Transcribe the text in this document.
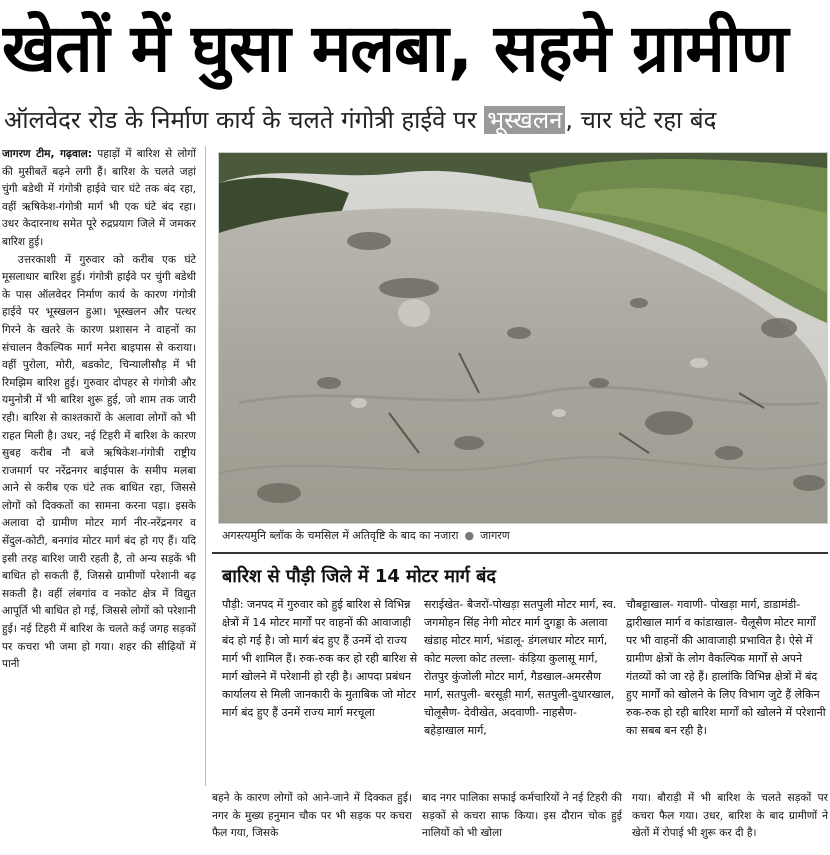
खेतों में घुसा मलबा, सहमे ग्रामीण
ऑलवेदर रोड के निर्माण कार्य के चलते गंगोत्री हाईवे पर भूस्खलन , चार घंटे रहा बंद

जागरण टीम, गढ़वाल: पहाड़ों में बारिश से लोगों की मुसीबतें बढ़ने लगी हैं। बारिश के चलते जहां चुंगी बडेथी में गंगोत्री हाईवे चार घंटे तक बंद रहा, वहीं ऋषिकेश-गंगोत्री मार्ग भी एक घंटे बंद रहा। उधर केदारनाथ समेत पूरे रुद्रप्रयाग जिले में जमकर बारिश हुई।

उत्तरकाशी में गुरुवार को करीब एक घंटे मूसलाधार बारिश हुई। गंगोत्री हाईवे पर चुंगी बडेथी के पास ऑलवेदर निर्माण कार्य के कारण गंगोत्री हाईवे पर भूस्खलन हुआ। भूस्खलन और पत्थर गिरने के खतरे के कारण प्रशासन ने वाहनों का संचालन वैकल्पिक मार्ग मनेरा बाइपास से कराया। वहीं पुरोला, मोरी, बडकोट, चिन्यालीसौड़ में भी रिमझिम बारिश हुई। गुरुवार दोपहर से गंगोत्री और यमुनोत्री में भी बारिश शुरू हुई, जो शाम तक जारी रही। बारिश से काश्तकारों के अलावा लोगों को भी राहत मिली है। उधर, नई टिहरी में बारिश के कारण सुबह करीब नौ बजे ऋषिकेश-गंगोत्री राष्ट्रीय राजमार्ग पर नरेंद्रनगर बाईपास के समीप मलबा आने से करीब एक घंटे तक बाधित रहा, जिससे लोगों को दिक्कतों का सामना करना पड़ा। इसके अलावा दो ग्रामीण मोटर मार्ग नीर-नरेंद्रनगर व सेंदुल-कोटी, बनगांव मोटर मार्ग बंद हो गए हैं। यदि इसी तरह बारिश जारी रहती है, तो अन्य सड़कें भी बाधित हो सकती हैं, जिससे ग्रामीणों परेशानी बढ़ सकती है। वहीं लंबगांव व नकोट क्षेत्र में विद्युत आपूर्ति भी बाधित हो गई, जिससे लोगों को परेशानी हुई। नई टिहरी में बारिश के चलते कई जगह सड़कों पर कचरा भी जमा हो गया। शहर की सीढ़ियों में पानी

अगस्त्यमुनि ब्लॉक के चमसिल में अतिवृष्टि के बाद का नजारा ● जागरण
बारिश से पौड़ी जिले में 14 मोटर मार्ग बंद
पौड़ी: जनपद में गुरुवार को हुई बारिश से विभिन्न क्षेत्रों में 14 मोटर मार्गों पर वाहनों की आवाजाही बंद हो गई है। जो मार्ग बंद हुए हैं उनमें दो राज्य मार्ग भी शामिल हैं। रुक-रुक कर हो रही बारिश से मार्ग खोलने में परेशानी हो रही है। आपदा प्रबंधन कार्यालय से मिली जानकारी के मुताबिक जो मोटर मार्ग बंद हुए हैं उनमें राज्य मार्ग मरचूला
सराईखेत- बैजरों-पोखड़ा सतपुली मोटर मार्ग, स्व. जगमोहन सिंह नेगी मोटर मार्ग दुगड्डा के अलावा खंडाह मोटर मार्ग, भंडालू- डंगलधार मोटर मार्ग, कोट मल्ला कोट तल्ला- कंड़िया कुलासू मार्ग, रोतपुर कुंजोली मोटर मार्ग, गैडखाल-अमरसैण मार्ग, सतपुली- बरसूड़ी मार्ग, सतपुली-दुधारखाल, चोलूसैण- देवीखेत, अदवाणी- नाहसैण- बहेड़ाखाल मार्ग,
चौबट्टाखाल- गवाणी- पोखड़ा मार्ग, डाडामंडी- द्वारीखाल मार्ग व कांडाखाल- चैलूसैण मोटर मार्गों पर भी वाहनों की आवाजाही प्रभावित है। ऐसे में ग्रामीण क्षेत्रों के लोग वैकल्पिक मार्गों से अपने गंतव्यों को जा रहे हैं। हालांकि विभिन्न क्षेत्रों में बंद हुए मार्गों को खोलने के लिए विभाग जुटे हैं लेकिन रुक-रुक हो रही बारिश मार्गों को खोलने में परेशानी का सबब बन रही है।
बहने के कारण लोगों को आने-जाने में दिक्कत हुई। नगर के मुख्य हनुमान चौक पर भी सड़क पर कचरा फैल गया, जिसके
बाद नगर पालिका सफाई कर्मचारियों ने नई टिहरी की सड़कों से कचरा साफ किया। इस दौरान चोक हुई नालियों को भी खोला
गया। बौराड़ी में भी बारिश के चलते सड़कों पर कचरा फैल गया। उधर, बारिश के बाद ग्रामीणों ने खेतों में रोपाई भी शुरू कर दी है।
